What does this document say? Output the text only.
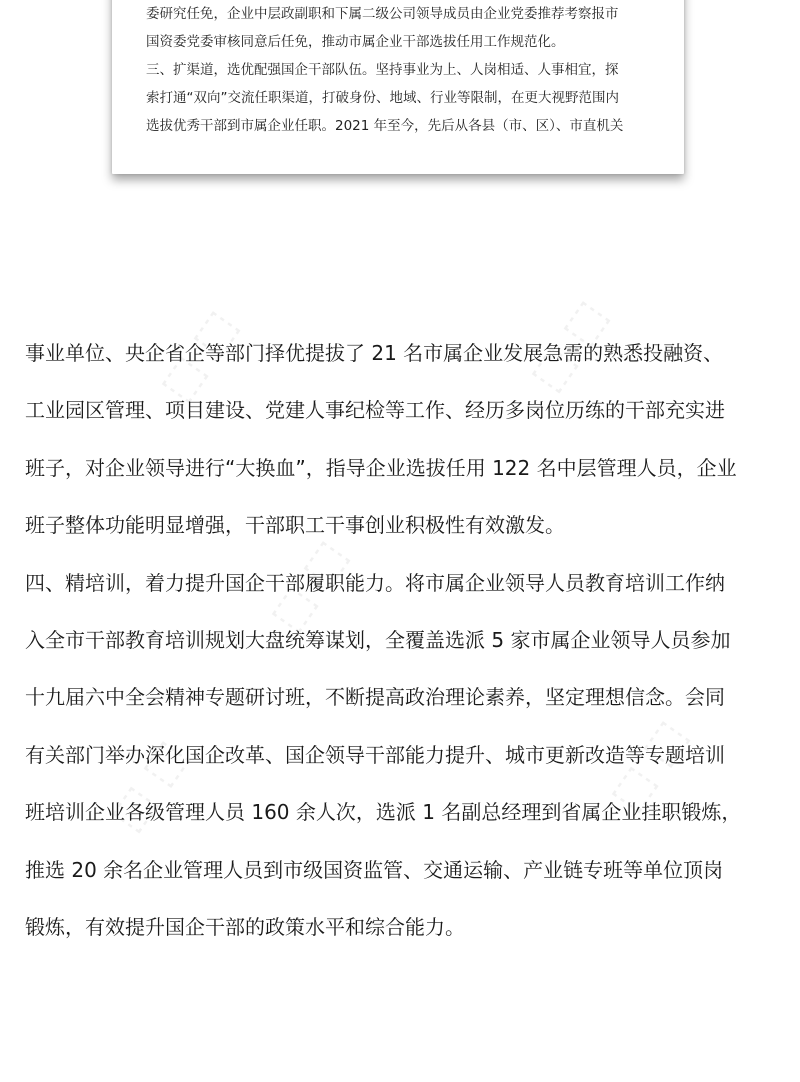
委研究任免，企业中层政副职和下属二级公司领导成员由企业党委推荐考察报市
国资委党委审核同意后任免，推动市属企业干部选拔任用工作规范化。
三、扩渠道，选优配强国企干部队伍。坚持事业为上、人岗相适、人事相宜，探
索打通“双向”交流任职渠道，打破身份、地域、行业等限制，在更大视野范围内
选拔优秀干部到市属企业任职。2021 年至今，先后从各县（市、区）、市直机关
⬚ ⬚	⬚ ⬚
⬚ ⬚
⬚ ⬚
⬚ ⬚
事业单位、央企省企等部门择优提拔了 21 名市属企业发展急需的熟悉投融资、
工业园区管理、项目建设、党建人事纪检等工作、经历多岗位历练的干部充实进
班子，对企业领导进行“大换血”，指导企业选拔任用 122 名中层管理人员，企业
班子整体功能明显增强，干部职工干事创业积极性有效激发。
四、精培训，着力提升国企干部履职能力。将市属企业领导人员教育培训工作纳
入全市干部教育培训规划大盘统筹谋划，全覆盖选派 5 家市属企业领导人员参加
十九届六中全会精神专题研讨班，不断提高政治理论素养，坚定理想信念。会同
有关部门举办深化国企改革、国企领导干部能力提升、城市更新改造等专题培训
班培训企业各级管理人员 160 余人次，选派 1 名副总经理到省属企业挂职锻炼，
推选 20 余名企业管理人员到市级国资监管、交通运输、产业链专班等单位顶岗
锻炼，有效提升国企干部的政策水平和综合能力。
